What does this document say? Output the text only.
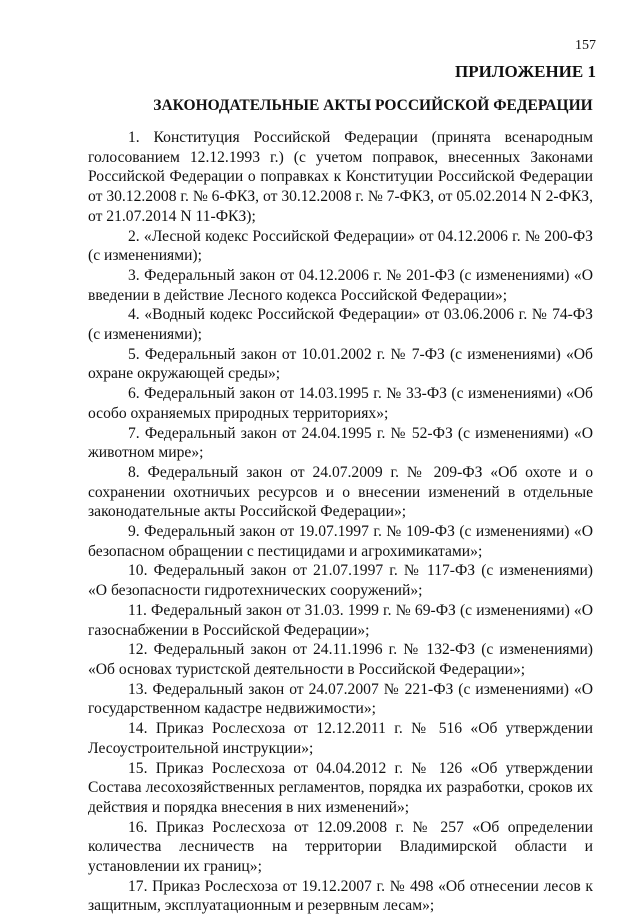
157
ПРИЛОЖЕНИЕ 1
ЗАКОНОДАТЕЛЬНЫЕ АКТЫ РОССИЙСКОЙ ФЕДЕРАЦИИ

1. Конституция Российской Федерации (принята всенародным голосованием 12.12.1993 г.) (с учетом поправок, внесенных Законами Российской Федерации о поправках к Конституции Российской Федерации от 30.12.2008 г. № 6-ФКЗ, от 30.12.2008 г. № 7-ФКЗ, от 05.02.2014 N 2-ФКЗ, от 21.07.2014 N 11-ФКЗ);

2. «Лесной кодекс Российской Федерации» от 04.12.2006 г. № 200-ФЗ (с изменениями);

3. Федеральный закон от 04.12.2006 г. № 201-ФЗ (с изменениями) «О введении в действие Лесного кодекса Российской Федерации»;

4. «Водный кодекс Российской Федерации» от 03.06.2006 г. № 74-ФЗ (с изменениями);

5. Федеральный закон от 10.01.2002 г. № 7-ФЗ (с изменениями) «Об охране окружающей среды»;

6. Федеральный закон от 14.03.1995 г. № 33-ФЗ (с изменениями) «Об особо охраняемых природных территориях»;

7. Федеральный закон от 24.04.1995 г. № 52-ФЗ (с изменениями) «О животном мире»;

8. Федеральный закон от 24.07.2009 г. № 209-ФЗ «Об охоте и о сохранении охотничьих ресурсов и о внесении изменений в отдельные законодательные акты Российской Федерации»;

9. Федеральный закон от 19.07.1997 г. № 109-ФЗ (с изменениями) «О безопасном обращении с пестицидами и агрохимикатами»;

10. Федеральный закон от 21.07.1997 г. № 117-ФЗ (с изменениями) «О безопасности гидротехнических сооружений»;

11. Федеральный закон от 31.03. 1999 г. № 69-ФЗ (с изменениями) «О газоснабжении в Российской Федерации»;

12. Федеральный закон от 24.11.1996 г. № 132-ФЗ (с изменениями) «Об основах туристской деятельности в Российской Федерации»;

13. Федеральный закон от 24.07.2007 № 221-ФЗ (с изменениями) «О государственном кадастре недвижимости»;

14. Приказ Рослесхоза от 12.12.2011 г. № 516 «Об утверждении Лесоустроительной инструкции»;

15. Приказ Рослесхоза от 04.04.2012 г. № 126 «Об утверждении Состава лесохозяйственных регламентов, порядка их разработки, сроков их действия и порядка внесения в них изменений»;

16. Приказ Рослесхоза от 12.09.2008 г. № 257 «Об определении количества лесничеств на территории Владимирской области и установлении их границ»;

17. Приказ Рослесхоза от 19.12.2007 г. № 498 «Об отнесении лесов к защитным, эксплуатационным и резервным лесам»;
